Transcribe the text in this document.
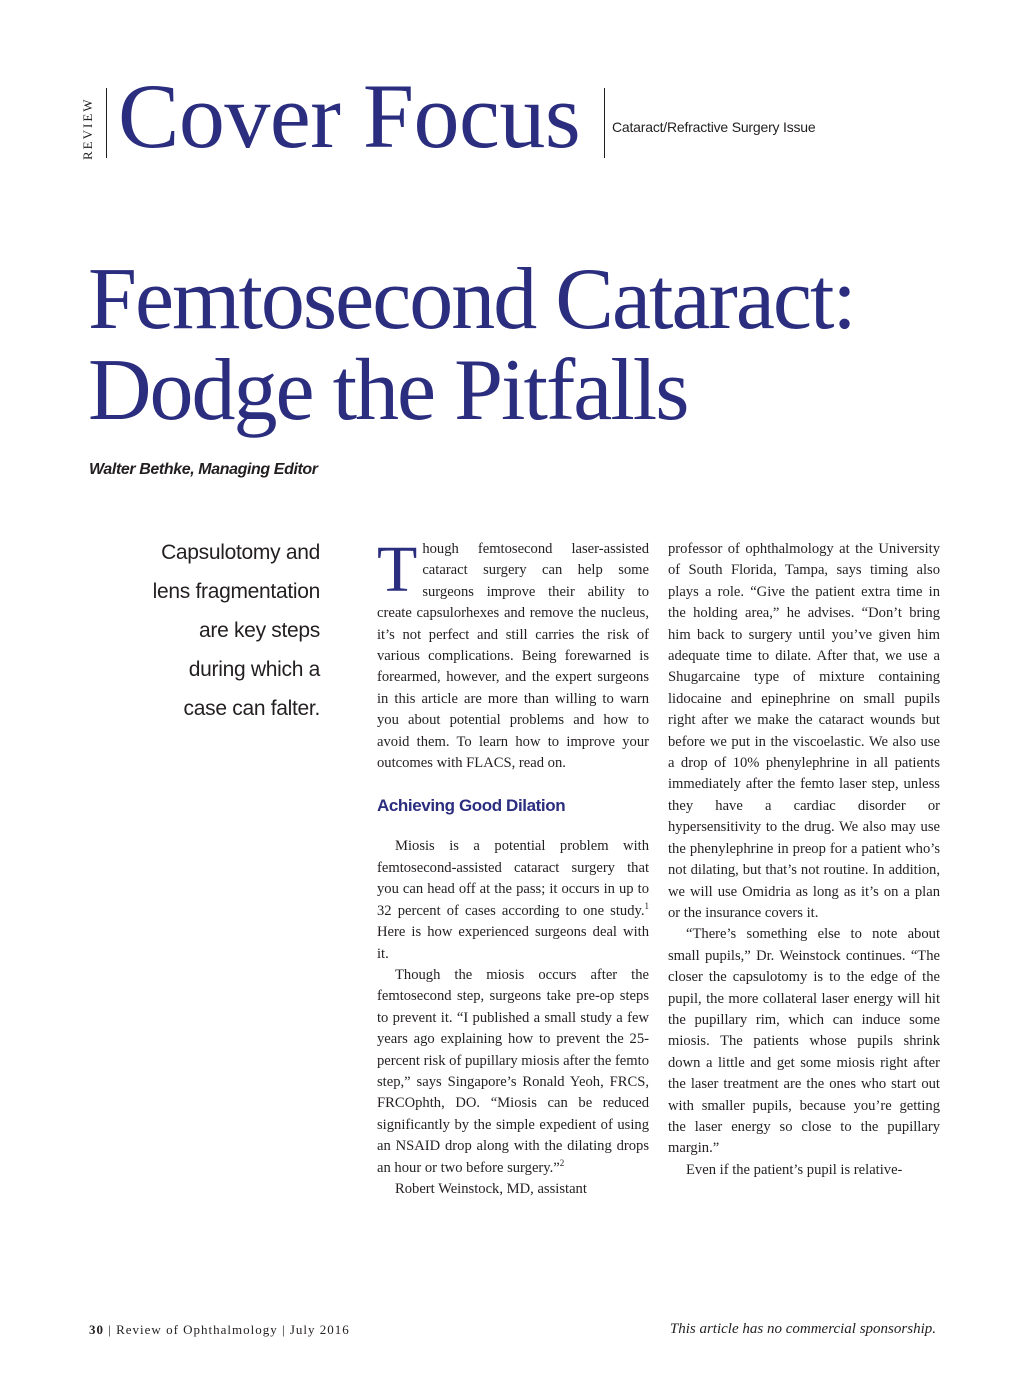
REVIEW Cover Focus Cataract/Refractive Surgery Issue
Femtosecond Cataract:
Dodge the Pitfalls
Walter Bethke, Managing Editor
Capsulotomy and
lens fragmentation
are key steps
during which a
case can falter.

Though femtosecond laser-assisted cataract surgery can help some surgeons improve their ability to create capsulorhexes and remove the nucleus, it’s not perfect and still carries the risk of various complications. Being forewarned is forearmed, however, and the expert surgeons in this article are more than willing to warn you about potential problems and how to avoid them. To learn how to improve your outcomes with FLACS, read on.

Achieving Good Dilation

Miosis is a potential problem with femtosecond-assisted cataract surgery that you can head off at the pass; it occurs in up to 32 percent of cases according to one study.$^1$ Here is how experienced surgeons deal with it.

Though the miosis occurs after the femtosecond step, surgeons take pre-op steps to prevent it. “I published a small study a few years ago explaining how to prevent the 25-percent risk of pupillary miosis after the femto step,” says Singapore’s Ronald Yeoh, FRCS, FRCOphth, DO. “Miosis can be reduced significantly by the simple expedient of using an NSAID drop along with the dilating drops an hour or two before surgery.”$^2$

Robert Weinstock, MD, assistant

professor of ophthalmology at the University of South Florida, Tampa, says timing also plays a role. “Give the patient extra time in the holding area,” he advises. “Don’t bring him back to surgery until you’ve given him adequate time to dilate. After that, we use a Shugarcaine type of mixture containing lidocaine and epinephrine on small pupils right after we make the cataract wounds but before we put in the viscoelastic. We also use a drop of 10% phenylephrine in all patients immediately after the femto laser step, unless they have a cardiac disorder or hypersensitivity to the drug. We also may use the phenylephrine in preop for a patient who’s not dilating, but that’s not routine. In addition, we will use Omidria as long as it’s on a plan or the insurance covers it.

“There’s something else to note about small pupils,” Dr. Weinstock continues. “The closer the capsulotomy is to the edge of the pupil, the more collateral laser energy will hit the pupillary rim, which can induce some miosis. The patients whose pupils shrink down a little and get some miosis right after the laser treatment are the ones who start out with smaller pupils, because you’re getting the laser energy so close to the pupillary margin.”

Even if the patient’s pupil is relative-

30 | Review of Ophthalmology | July 2016	This article has no commercial sponsorship.
